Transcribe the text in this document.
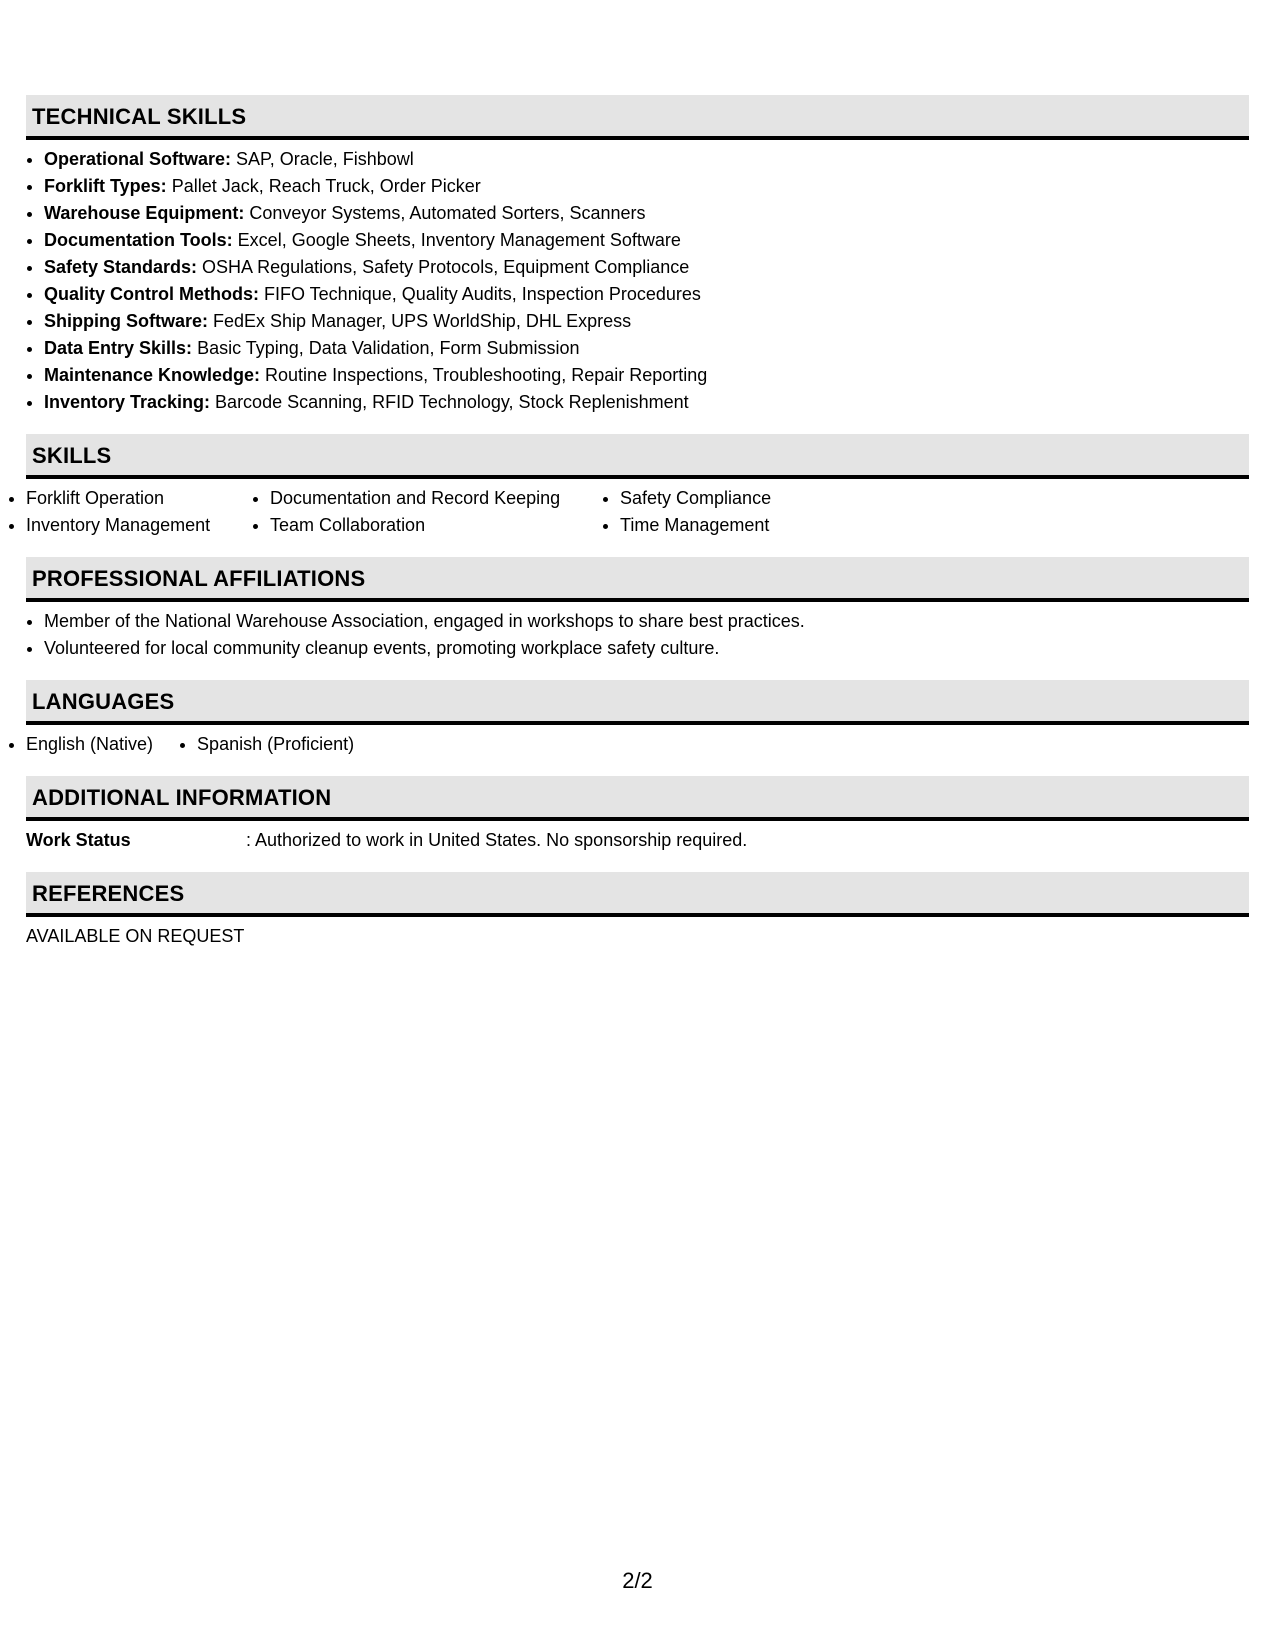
TECHNICAL SKILLS
• Operational Software: SAP, Oracle, Fishbowl
• Forklift Types: Pallet Jack, Reach Truck, Order Picker
• Warehouse Equipment: Conveyor Systems, Automated Sorters, Scanners
• Documentation Tools: Excel, Google Sheets, Inventory Management Software
• Safety Standards: OSHA Regulations, Safety Protocols, Equipment Compliance
• Quality Control Methods: FIFO Technique, Quality Audits, Inspection Procedures
• Shipping Software: FedEx Ship Manager, UPS WorldShip, DHL Express
• Data Entry Skills: Basic Typing, Data Validation, Form Submission
• Maintenance Knowledge: Routine Inspections, Troubleshooting, Repair Reporting
• Inventory Tracking: Barcode Scanning, RFID Technology, Stock Replenishment
SKILLS
• Forklift Operation
• Inventory Management
• Documentation and Record Keeping
• Team Collaboration
• Safety Compliance
• Time Management
PROFESSIONAL AFFILIATIONS
• Member of the National Warehouse Association, engaged in workshops to share best practices.
• Volunteered for local community cleanup events, promoting workplace safety culture.
LANGUAGES
• English (Native)
• Spanish (Proficient)
ADDITIONAL INFORMATION
Work Status	: Authorized to work in United States. No sponsorship required.
REFERENCES
AVAILABLE ON REQUEST
2/2
